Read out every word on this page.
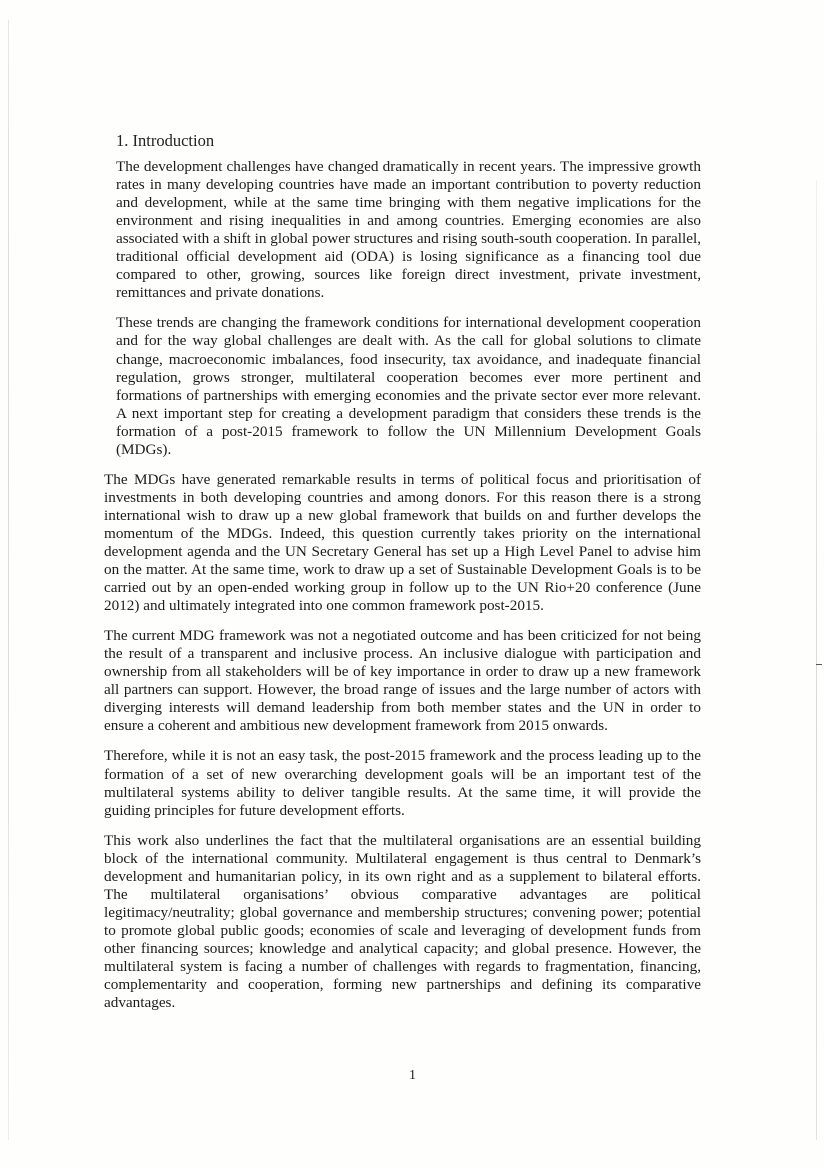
1. Introduction

The development challenges have changed dramatically in recent years. The impressive growth rates in many developing countries have made an important contribution to poverty reduction and development, while at the same time bringing with them negative implications for the environment and rising inequalities in and among countries. Emerging economies are also associated with a shift in global power structures and rising south-south cooperation. In parallel, traditional official development aid (ODA) is losing significance as a financing tool due compared to other, growing, sources like foreign direct investment, private investment, remittances and private donations.

These trends are changing the framework conditions for international development cooperation and for the way global challenges are dealt with. As the call for global solutions to climate change, macroeconomic imbalances, food insecurity, tax avoidance, and inadequate financial regulation, grows stronger, multilateral cooperation becomes ever more pertinent and formations of partnerships with emerging economies and the private sector ever more relevant. A next important step for creating a development paradigm that considers these trends is the formation of a post-2015 framework to follow the UN Millennium Development Goals (MDGs).

The MDGs have generated remarkable results in terms of political focus and prioritisation of investments in both developing countries and among donors. For this reason there is a strong international wish to draw up a new global framework that builds on and further develops the momentum of the MDGs. Indeed, this question currently takes priority on the international development agenda and the UN Secretary General has set up a High Level Panel to advise him on the matter. At the same time, work to draw up a set of Sustainable Development Goals is to be carried out by an open-ended working group in follow up to the UN Rio+20 conference (June 2012) and ultimately integrated into one common framework post-2015.

The current MDG framework was not a negotiated outcome and has been criticized for not being the result of a transparent and inclusive process. An inclusive dialogue with participation and ownership from all stakeholders will be of key importance in order to draw up a new framework all partners can support. However, the broad range of issues and the large number of actors with diverging interests will demand leadership from both member states and the UN in order to ensure a coherent and ambitious new development framework from 2015 onwards.

Therefore, while it is not an easy task, the post-2015 framework and the process leading up to the formation of a set of new overarching development goals will be an important test of the multilateral systems ability to deliver tangible results. At the same time, it will provide the guiding principles for future development efforts.

This work also underlines the fact that the multilateral organisations are an essential building block of the international community. Multilateral engagement is thus central to Denmark’s development and humanitarian policy, in its own right and as a supplement to bilateral efforts. The multilateral organisations’ obvious comparative advantages are political legitimacy/neutrality; global governance and membership structures; convening power; potential to promote global public goods; economies of scale and leveraging of development funds from other financing sources; knowledge and analytical capacity; and global presence. However, the multilateral system is facing a number of challenges with regards to fragmentation, financing, complementarity and cooperation, forming new partnerships and defining its comparative advantages.

1
